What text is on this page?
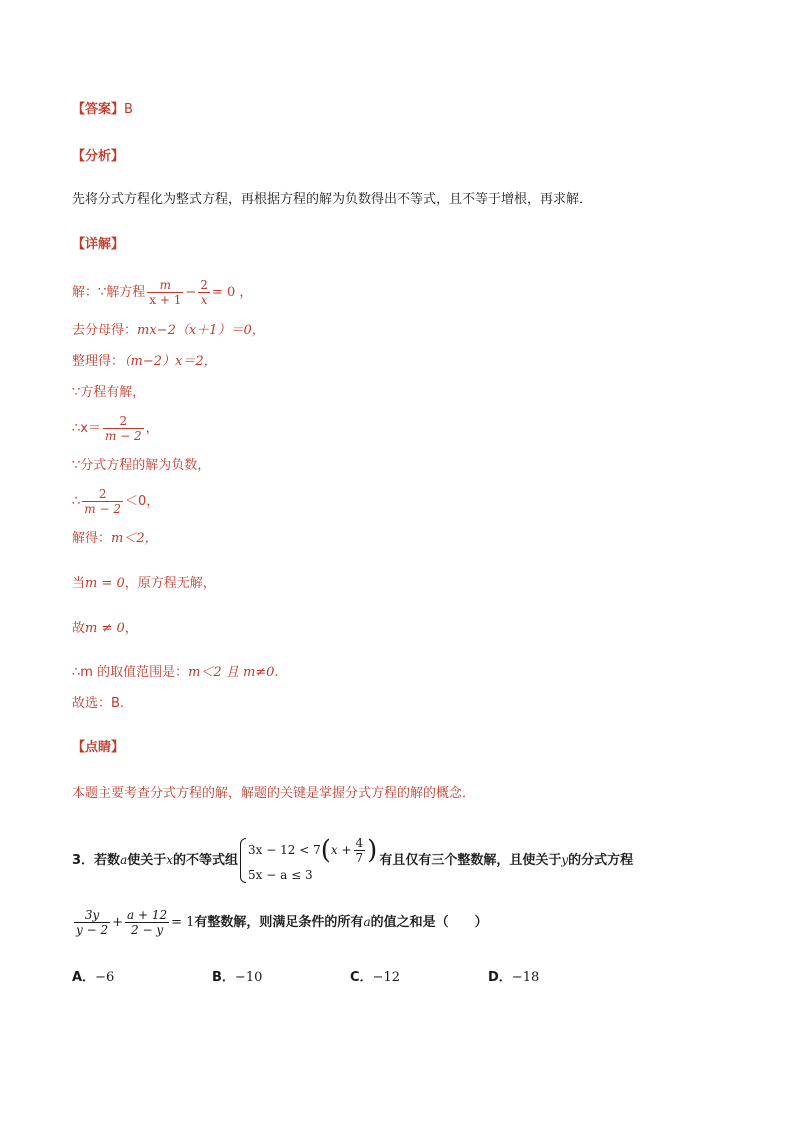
【答案】B
【分析】
先将分式方程化为整式方程，再根据方程的解为负数得出不等式，且不等于增根，再求解．
【详解】
解：∵解方程 $\frac{m}{x + 1} - \frac{2}{x} = 0$ ，
去分母得：mx−2（x＋1）＝0，
整理得：（m−2）x＝2，
∵方程有解，
∴x＝ $\frac{2}{m - 2}$ ，
∵分式方程的解为负数，
∴ $\frac{2}{m - 2} <0$，
解得：m＜2，
当m = 0，原方程无解，
故m ≠ 0，
∴m 的取值范围是：m＜2 且 m≠0.
故选：B.
【点睛】
本题主要考查分式方程的解，解题的关键是掌握分式方程的解的概念．
3．若数a使关于x的不等式组
$3x - 12 < 7(x + \frac{4}{7}$ )
5x − a ≤ 3
有且仅有三个整数解，且使关于y的分式方程
$\frac{3y}{y - 2} + \frac{a + 12}{2 - y} = 1$有整数解，则满足条件的所有a的值之和是（　　）
A．−6	B．−10	C．−12	D．−18
